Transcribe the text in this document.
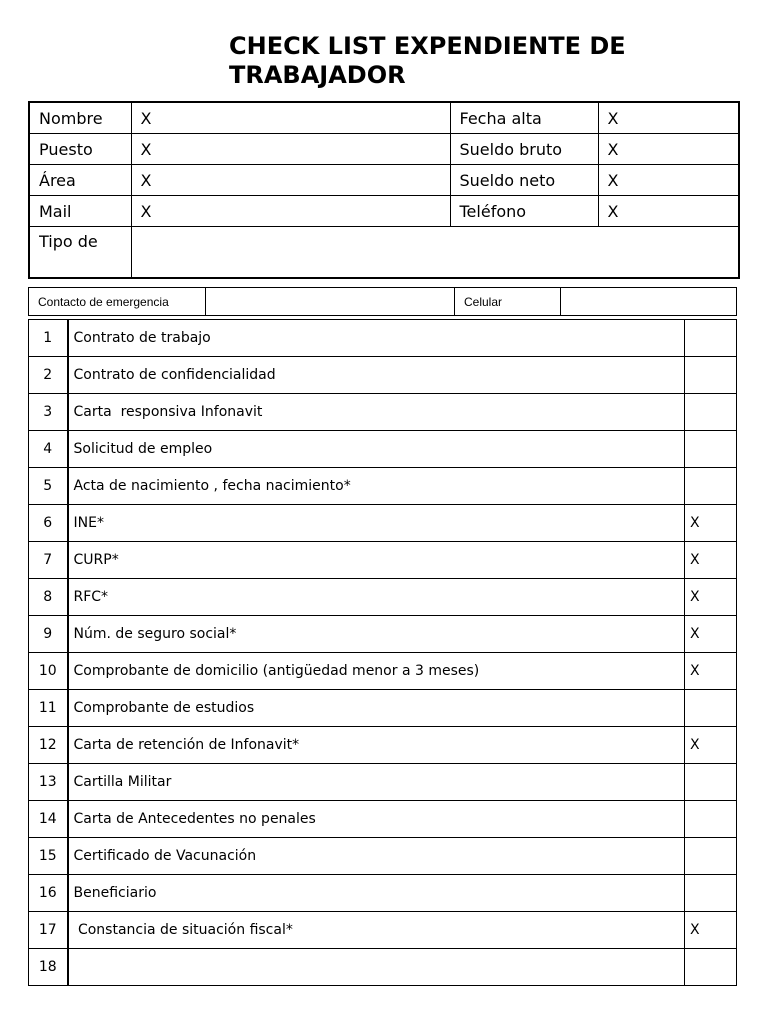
CHECK LIST EXPENDIENTE DE TRABAJADOR
Nombre	X	Fecha alta	X
Puesto	X	Sueldo bruto	X
Área	X	Sueldo neto	X
Mail	X	Teléfono	X

Tipo de			

Contacto de emergencia		Celular	
1	Contrato de trabajo	
2	Contrato de confidencialidad	
3	Carta  responsiva Infonavit	
4	Solicitud de empleo	
5	Acta de nacimiento , fecha nacimiento*	
6	INE*	X
7	CURP*	X
8	RFC*	X
9	Núm. de seguro social*	X
10	Comprobante de domicilio (antigüedad menor a 3 meses)	X
11	Comprobante de estudios	
12	Carta de retención de Infonavit*	X
13	Cartilla Militar	
14	Carta de Antecedentes no penales	
15	Certificado de Vacunación	
16	Beneficiario	
17	Constancia de situación fiscal*	X
18		
